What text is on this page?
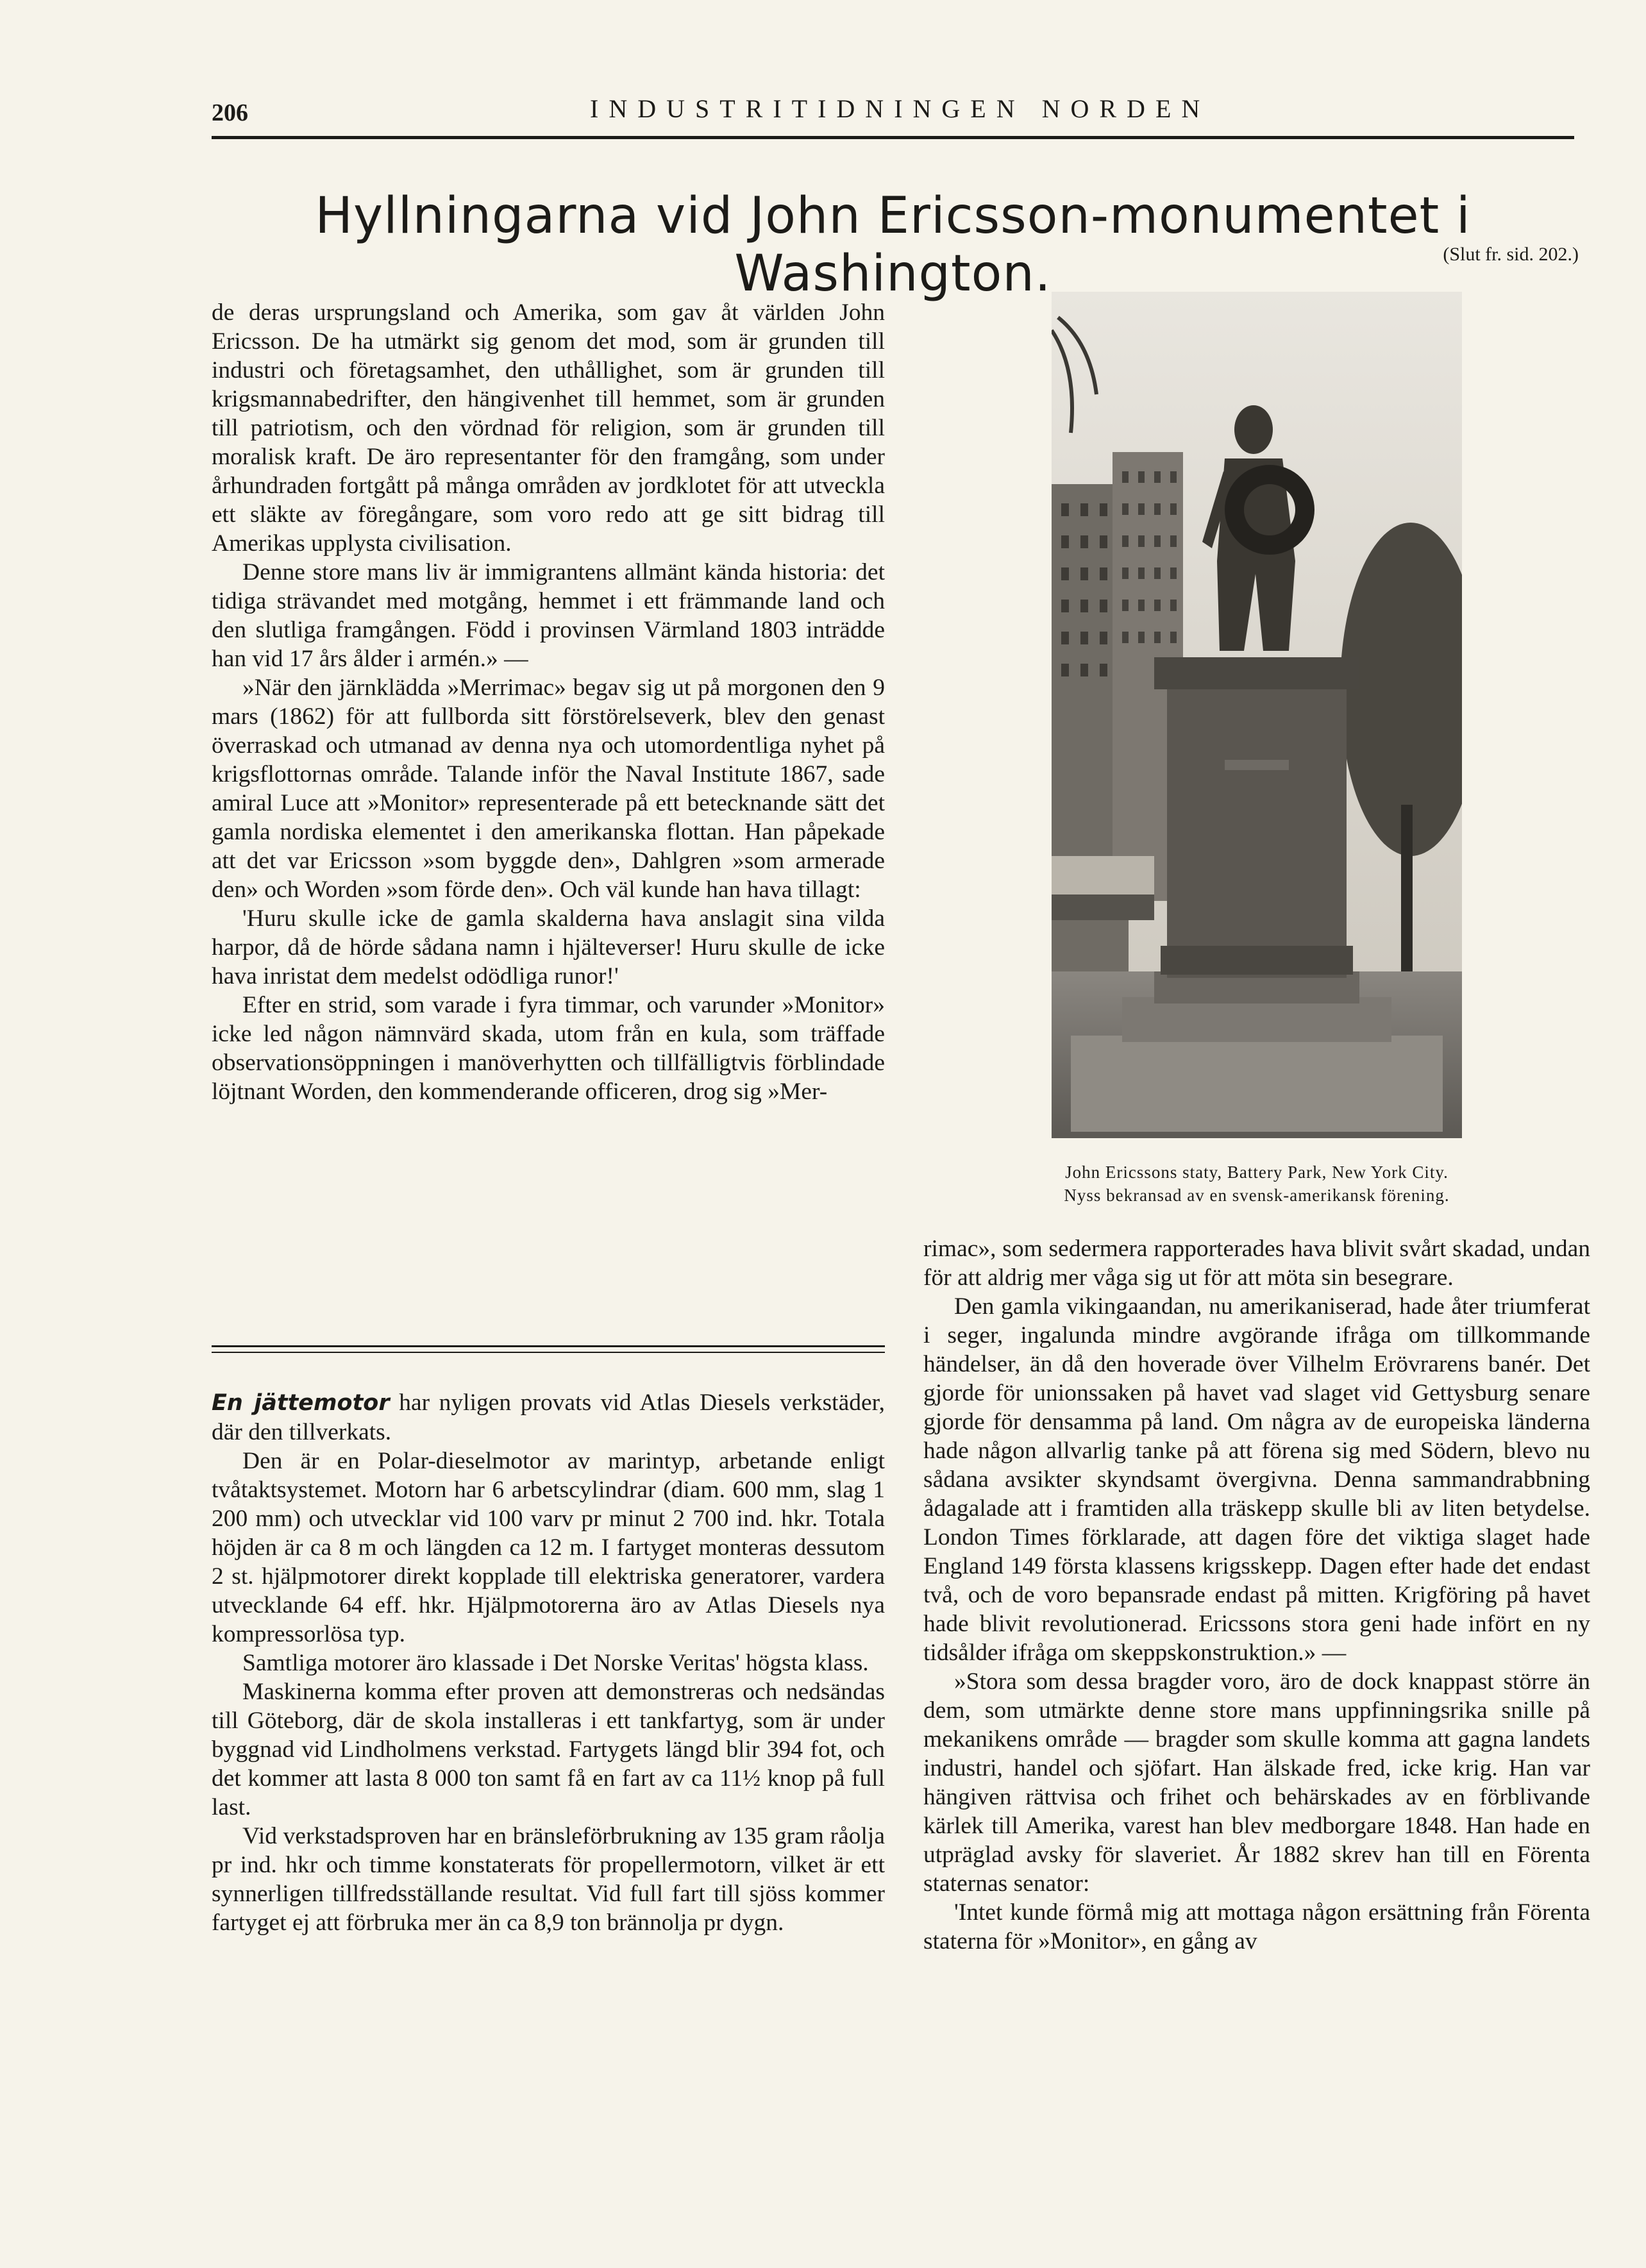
206	INDUSTRITIDNINGEN NORDEN
Hyllningarna vid John Ericsson-monumentet i Washington.	(Slut fr. sid. 202.)

de deras ursprungsland och Amerika, som gav åt världen John Ericsson. De ha utmärkt sig genom det mod, som är grunden till industri och företagsamhet, den uthållighet, som är grunden till krigsmannabedrifter, den hängivenhet till hemmet, som är grunden till patriotism, och den vördnad för religion, som är grunden till moralisk kraft. De äro representanter för den framgång, som under århundraden fortgått på många områden av jordklotet för att utveckla ett släkte av föregångare, som voro redo att ge sitt bidrag till Amerikas upplysta civilisation.

Denne store mans liv är immigrantens allmänt kända historia: det tidiga strävandet med motgång, hemmet i ett främmande land och den slutliga framgången. Född i provinsen Värmland 1803 inträdde han vid 17 års ålder i armén.» —

»När den järnklädda »Merrimac» begav sig ut på morgonen den 9 mars (1862) för att fullborda sitt förstörelseverk, blev den genast överraskad och utmanad av denna nya och utomordentliga nyhet på krigsflottornas område. Talande inför the Naval Institute 1867, sade amiral Luce att »Monitor» representerade på ett betecknande sätt det gamla nordiska elementet i den amerikanska flottan. Han påpekade att det var Ericsson »som byggde den», Dahlgren »som armerade den» och Worden »som förde den». Och väl kunde han hava tillagt:

'Huru skulle icke de gamla skalderna hava anslagit sina vilda harpor, då de hörde sådana namn i hjälteverser! Huru skulle de icke hava inristat dem medelst odödliga runor!'

Efter en strid, som varade i fyra timmar, och varunder »Monitor» icke led någon nämnvärd skada, utom från en kula, som träffade observationsöppningen i manöverhytten och tillfälligtvis förblindade löjtnant Worden, den kommenderande officeren, drog sig »Mer-

En jättemotor har nyligen provats vid Atlas Diesels verkstäder, där den tillverkats.

Den är en Polar-dieselmotor av marintyp, arbetande enligt tvåtaktsystemet. Motorn har 6 arbetscylindrar (diam. 600 mm, slag 1 200 mm) och utvecklar vid 100 varv pr minut 2 700 ind. hkr. Totala höjden är ca 8 m och längden ca 12 m. I fartyget monteras dessutom 2 st. hjälpmotorer direkt kopplade till elektriska generatorer, vardera utvecklande 64 eff. hkr. Hjälpmotorerna äro av Atlas Diesels nya kompressorlösa typ.

Samtliga motorer äro klassade i Det Norske Veritas' högsta klass.

Maskinerna komma efter proven att demonstreras och nedsändas till Göteborg, där de skola installeras i ett tankfartyg, som är under byggnad vid Lindholmens verkstad. Fartygets längd blir 394 fot, och det kommer att lasta 8 000 ton samt få en fart av ca 11½ knop på full last.

Vid verkstadsproven har en bränsleförbrukning av 135 gram råolja pr ind. hkr och timme konstaterats för propellermotorn, vilket är ett synnerligen tillfredsställande resultat. Vid full fart till sjöss kommer fartyget ej att förbruka mer än ca 8,9 ton brännolja pr dygn.

John Ericssons staty, Battery Park, New York City.
Nyss bekransad av en svensk-amerikansk förening.

rimac», som sedermera rapporterades hava blivit svårt skadad, undan för att aldrig mer våga sig ut för att möta sin besegrare.

Den gamla vikingaandan, nu amerikaniserad, hade åter triumferat i seger, ingalunda mindre avgörande ifråga om tillkommande händelser, än då den hoverade över Vilhelm Erövrarens banér. Det gjorde för unionssaken på havet vad slaget vid Gettysburg senare gjorde för densamma på land. Om några av de europeiska länderna hade någon allvarlig tanke på att förena sig med Södern, blevo nu sådana avsikter skyndsamt övergivna. Denna sammandrabbning ådagalade att i framtiden alla träskepp skulle bli av liten betydelse. London Times förklarade, att dagen före det viktiga slaget hade England 149 första klassens krigsskepp. Dagen efter hade det endast två, och de voro bepansrade endast på mitten. Krigföring på havet hade blivit revolutionerad. Ericssons stora geni hade infört en ny tidsålder ifråga om skeppskonstruktion.» —

»Stora som dessa bragder voro, äro de dock knappast större än dem, som utmärkte denne store mans uppfinningsrika snille på mekanikens område — bragder som skulle komma att gagna landets industri, handel och sjöfart. Han älskade fred, icke krig. Han var hängiven rättvisa och frihet och behärskades av en förblivande kärlek till Amerika, varest han blev medborgare 1848. Han hade en utpräglad avsky för slaveriet. År 1882 skrev han till en Förenta staternas senator:

'Intet kunde förmå mig att mottaga någon ersättning från Förenta staterna för »Monitor», en gång av
